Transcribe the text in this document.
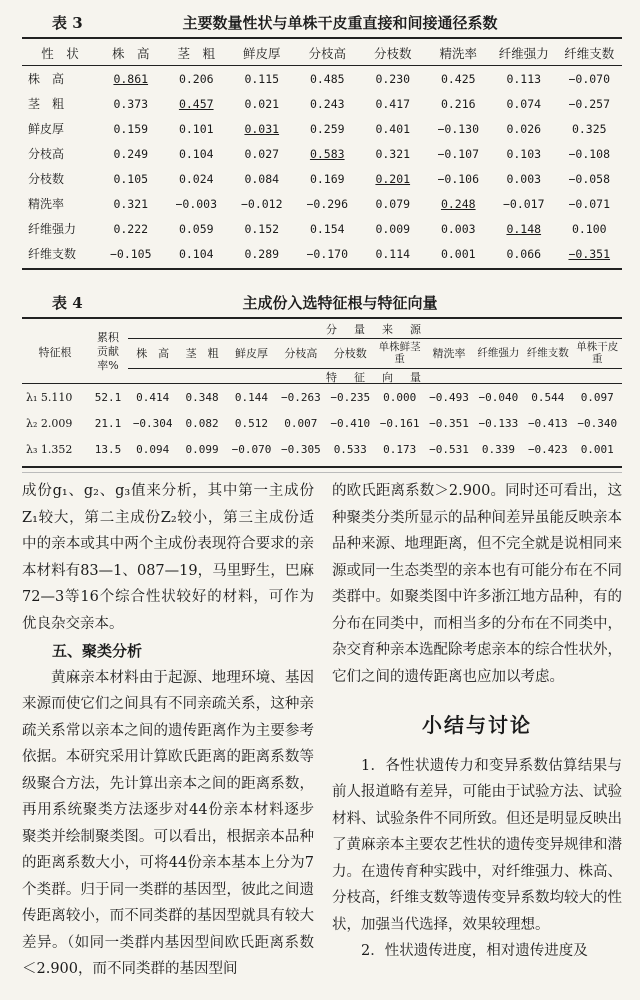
表 3	主要数量性状与单株干皮重直接和间接通径系数
性　状	株　高	茎　粗	鲜皮厚	分枝高	分枝数	精洗率	纤维强力	纤维支数
株　高	0.861	0.206	0.115	0.485	0.230	0.425	0.113	−0.070
茎　粗	0.373	0.457	0.021	0.243	0.417	0.216	0.074	−0.257
鲜皮厚	0.159	0.101	0.031	0.259	0.401	−0.130	0.026	0.325
分枝高	0.249	0.104	0.027	0.583	0.321	−0.107	0.103	−0.108
分枝数	0.105	0.024	0.084	0.169	0.201	−0.106	0.003	−0.058
精洗率	0.321	−0.003	−0.012	−0.296	0.079	0.248	−0.017	−0.071
纤维强力	0.222	0.059	0.152	0.154	0.009	0.003	0.148	0.100
纤维支数	−0.105	0.104	0.289	−0.170	0.114	0.001	0.066	−0.351
表 4	主成份入选特征根与特征向量
特征根	累积
贡献
率%	分　量　来　源									
		株　高	茎　粗	鲜皮厚	分枝高	分枝数	单株鲜茎　重	精洗率	纤维强力	纤维支数	单株干皮　重
		特　征　向　量									
λ₁ 5.110	52.1	0.414	0.348	0.144	−0.263	−0.235	0.000	−0.493	−0.040	0.544	0.097
λ₂ 2.009	21.1	−0.304	0.082	0.512	0.007	−0.410	−0.161	−0.351	−0.133	−0.413	−0.340
λ₃ 1.352	13.5	0.094	0.099	−0.070	−0.305	0.533	0.173	−0.531	0.339	−0.423	0.001

成份g₁、g₂、g₃值来分析，其中第一主成份Z₁较大，第二主成份Z₂较小，第三主成份适中的亲本或其中两个主成份表现符合要求的亲本材料有83—1、087—19，马里野生，巴麻72—3等16个综合性状较好的材料，可作为优良杂交亲本。

五、聚类分析

黄麻亲本材料由于起源、地理环境、基因来源而使它们之间具有不同亲疏关系，这种亲疏关系常以亲本之间的遗传距离作为主要参考依据。本研究采用计算欧氏距离的距离系数等级聚合方法，先计算出亲本之间的距离系数，再用系统聚类方法逐步对44份亲本材料逐步聚类并绘制聚类图。可以看出，根据亲本品种的距离系数大小，可将44份亲本基本上分为7个类群。归于同一类群的基因型，彼此之间遗传距离较小，而不同类群的基因型就具有较大差异。（如同一类群内基因型间欧氏距离系数＜2.900，而不同类群的基因型间

的欧氏距离系数＞2.900。同时还可看出，这种聚类分类所显示的品种间差异虽能反映亲本品种来源、地理距离，但不完全就是说相同来源或同一生态类型的亲本也有可能分布在不同类群中。如聚类图中许多浙江地方品种，有的分布在同类中，而相当多的分布在不同类中，杂交育种亲本选配除考虑亲本的综合性状外，它们之间的遗传距离也应加以考虑。

小结与讨论

1．各性状遗传力和变异系数估算结果与前人报道略有差异，可能由于试验方法、试验材料、试验条件不同所致。但还是明显反映出了黄麻亲本主要农艺性状的遗传变异规律和潜力。在遗传育种实践中，对纤维强力、株高、分枝高，纤维支数等遗传变异系数均较大的性状，加强当代选择，效果较理想。

2．性状遗传进度，相对遗传进度及
